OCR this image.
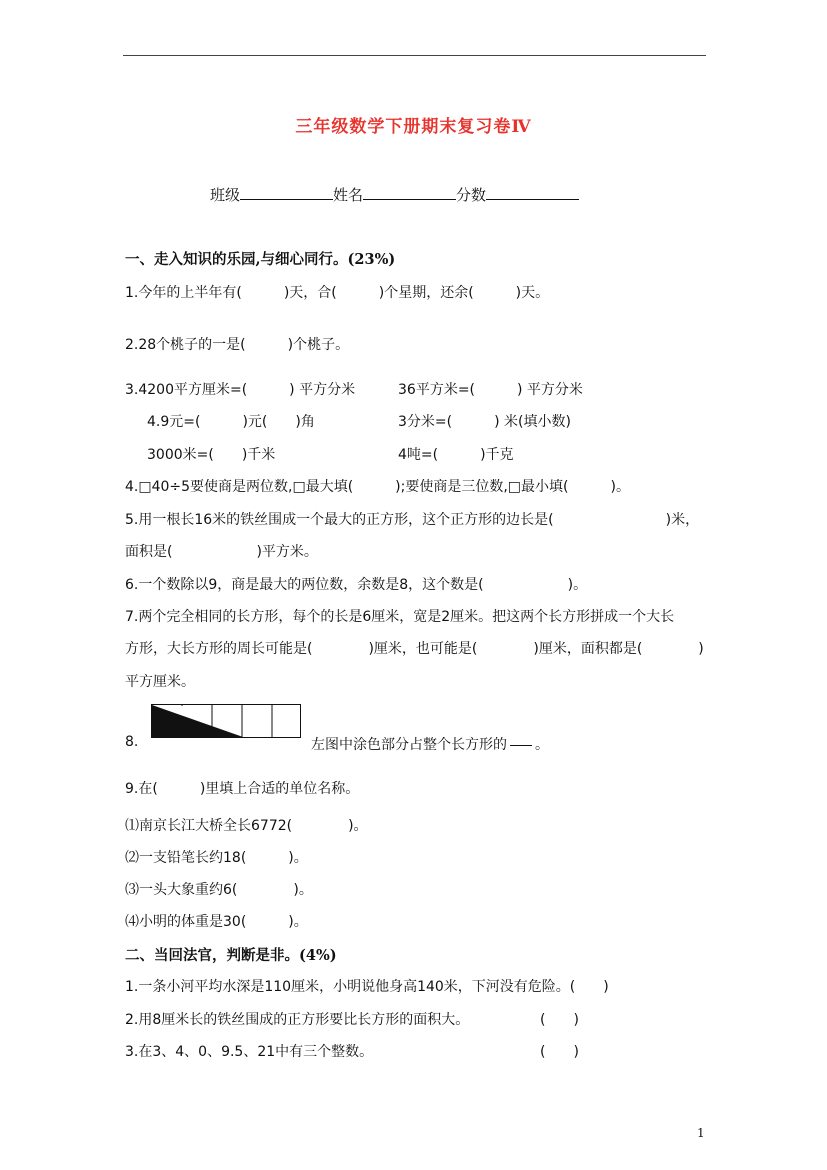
三年级数学下册期末复习卷Ⅳ
班级	姓名	分数
一、走入知识的乐园,与细心同行。(23%)
1.今年的上半年有(　　　)天，合(　　　)个星期，还余(　　　)天。
2.28个桃子的一是(　　　)个桃子。
3.4200平方厘米=(　　　) 平方分米	36平方米=(　　　) 平方分米
4.9元=(　　　)元(　　)角	3分米=(　　　) 米(填小数)
3000米=(　　)千米	4吨=(　　　)千克
4.□40÷5要使商是两位数,□最大填(　　　);要使商是三位数,□最小填(　　　)。
5.用一根长16米的铁丝围成一个最大的正方形，这个正方形的边长是(　　　　　　　　)米，
面积是(　　　　　　)平方米。
6.一个数除以9，商是最大的两位数，余数是8，这个数是(　　　　　　)。
7.两个完全相同的长方形，每个的长是6厘米，宽是2厘米。把这两个长方形拼成一个大长
方形，大长方形的周长可能是(　　　　)厘米，也可能是(　　　　)厘米，面积都是(　　　　)
平方厘米。
8.	左图中涂色部分占整个长方形的 。
9.在(　　　)里填上合适的单位名称。
⑴南京长江大桥全长6772(　　　　)。
⑵一支铅笔长约18(　　　)。
⑶一头大象重约6(　　　　)。
⑷小明的体重是30(　　　)。
二、当回法官，判断是非。(4%)
1.一条小河平均水深是110厘米，小明说他身高140米，下河没有危险。(　　)
2.用8厘米长的铁丝围成的正方形要比长方形的面积大。	(　　)
3.在3、4、0、9.5、21中有三个整数。	(　　)
1
